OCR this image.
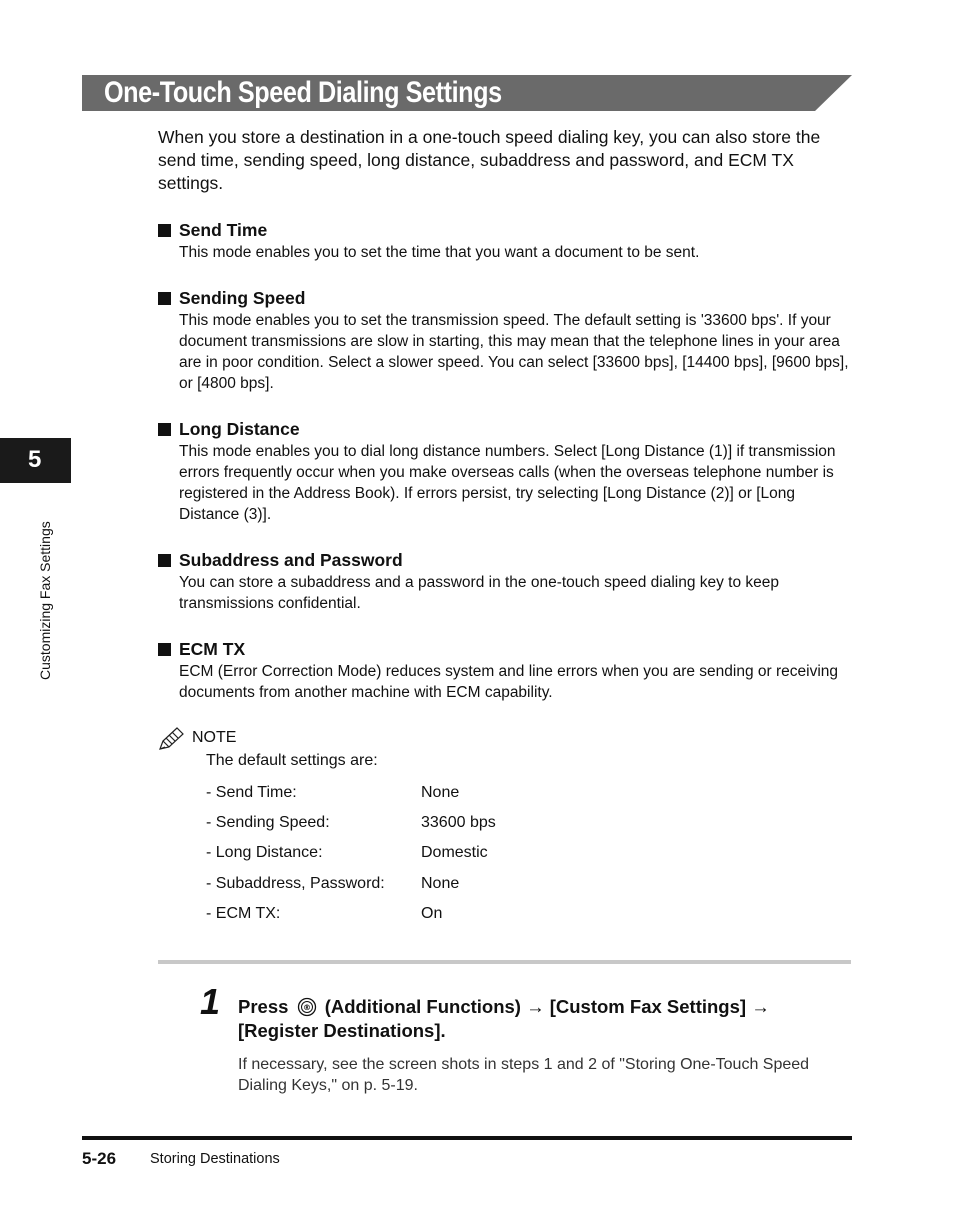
One-Touch Speed Dialing Settings
When you store a destination in a one-touch speed dialing key, you can also store the send time, sending speed, long distance, subaddress and password, and ECM TX settings.
Send Time
This mode enables you to set the time that you want a document to be sent.
Sending Speed
This mode enables you to set the transmission speed. The default setting is '33600 bps'. If your document transmissions are slow in starting, this may mean that the telephone lines in your area are in poor condition. Select a slower speed. You can select [33600 bps], [14400 bps], [9600 bps], or [4800 bps].
Long Distance
This mode enables you to dial long distance numbers. Select [Long Distance (1)] if transmission errors frequently occur when you make overseas calls (when the overseas telephone number is registered in the Address Book). If errors persist, try selecting [Long Distance (2)] or [Long Distance (3)].
Subaddress and Password
You can store a subaddress and a password in the one-touch speed dialing key to keep transmissions confidential.
ECM TX
ECM (Error Correction Mode) reduces system and line errors when you are sending or receiving documents from another machine with ECM capability.
5
Customizing Fax Settings
NOTE
The default settings are:
- Send Time:	None
- Sending Speed:	33600 bps
- Long Distance:	Domestic
- Subaddress, Password: None
- ECM TX:	On
1 Press ® (Additional Functions) → [Custom Fax Settings] → [Register Destinations].
If necessary, see the screen shots in steps 1 and 2 of "Storing One-Touch Speed Dialing Keys," on p. 5-19.
5-26 Storing Destinations
